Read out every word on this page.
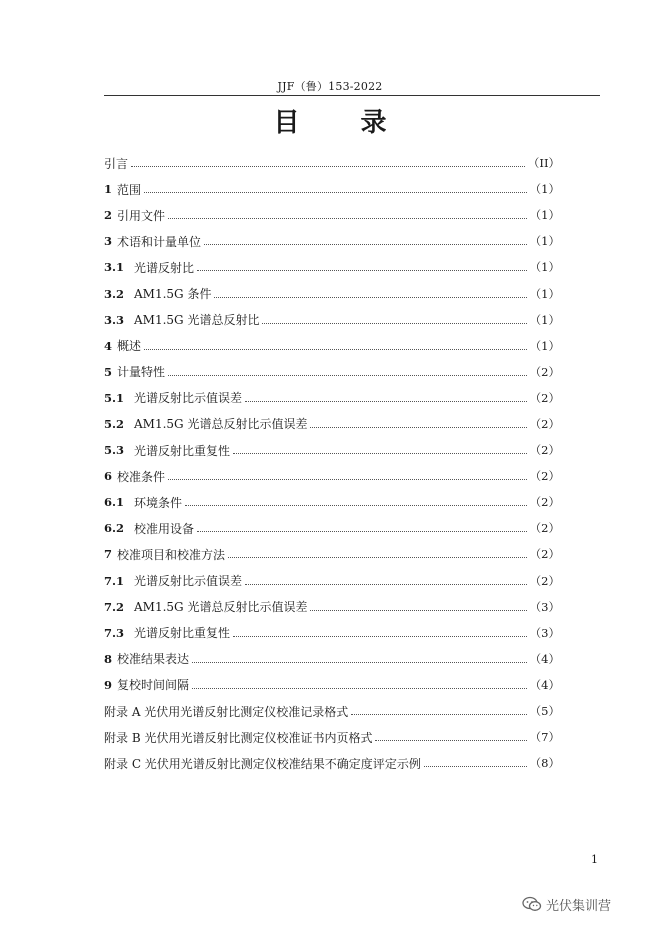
JJF（鲁）153-2022
目 录
引言	（II）
1 范围	（1）
2 引用文件	（1）
3 术语和计量单位	（1）
3.1 光谱反射比	（1）
3.2 AM1.5G 条件	（1）
3.3 AM1.5G 光谱总反射比	（1）
4 概述	（1）
5 计量特性	（2）
5.1 光谱反射比示值误差	（2）
5.2 AM1.5G 光谱总反射比示值误差	（2）
5.3 光谱反射比重复性	（2）
6 校准条件	（2）
6.1 环境条件	（2）
6.2 校准用设备	（2）
7 校准项目和校准方法	（2）
7.1 光谱反射比示值误差	（2）
7.2 AM1.5G 光谱总反射比示值误差	（3）
7.3 光谱反射比重复性	（3）
8 校准结果表达	（4）
9 复校时间间隔	（4）
附录 A 光伏用光谱反射比测定仪校准记录格式	（5）
附录 B 光伏用光谱反射比测定仪校准证书内页格式	（7）
附录 C 光伏用光谱反射比测定仪校准结果不确定度评定示例	（8）
1
光伏集训营
